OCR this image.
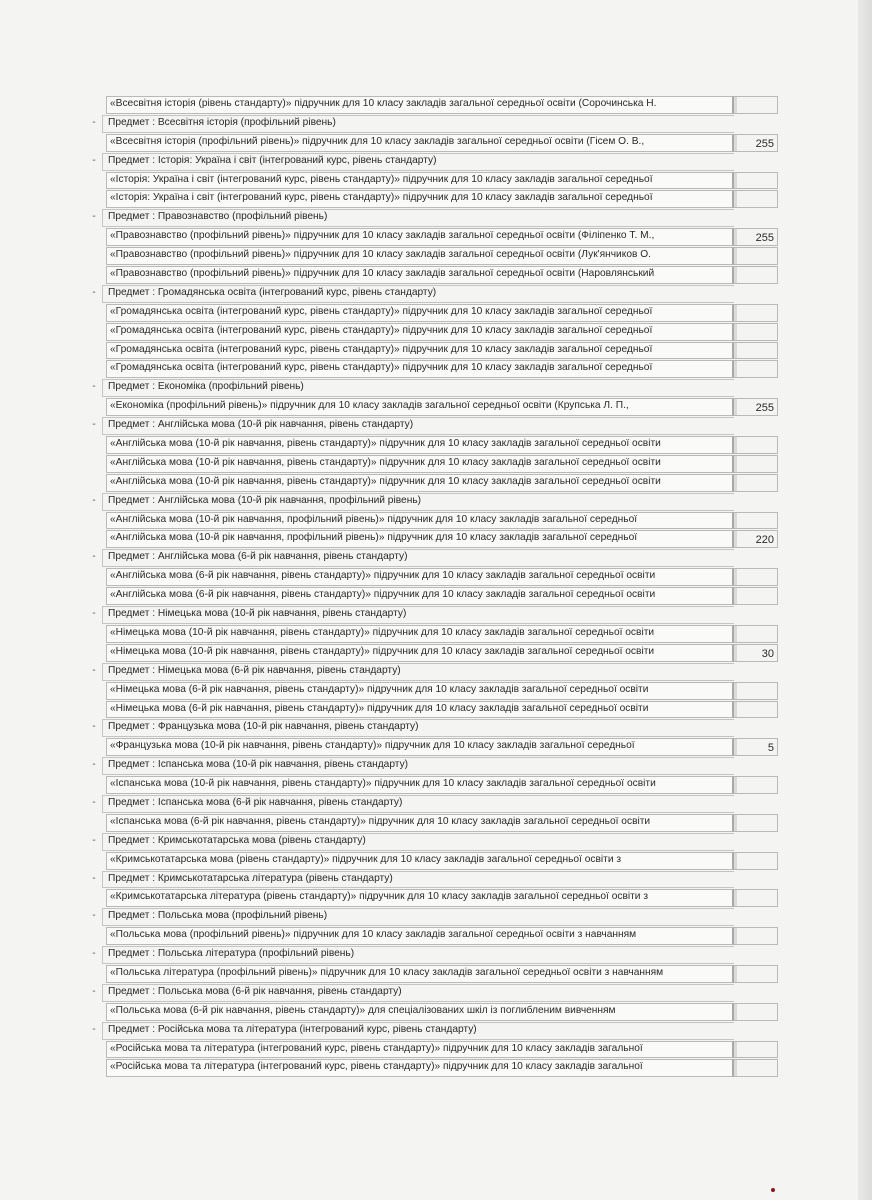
«Всесвітня історія (рівень стандарту)» підручник для 10 класу закладів загальної середньої освіти (Сорочинська Н.
- Предмет : Всесвітня історія (профільний рівень)
«Всесвітня історія (профільний рівень)» підручник для 10 класу закладів загальної середньої освіти (Гісем О. В.,	255
- Предмет : Історія: Україна і світ (інтегрований курс, рівень стандарту)
«Історія: Україна і світ (інтегрований курс, рівень стандарту)» підручник для 10 класу закладів загальної середньої
«Історія: Україна і світ (інтегрований курс, рівень стандарту)» підручник для 10 класу закладів загальної середньої
- Предмет : Правознавство (профільний рівень)
«Правознавство (профільний рівень)» підручник для 10 класу закладів загальної середньої освіти (Філіпенко Т. М.,	255
«Правознавство (профільний рівень)» підручник для 10 класу закладів загальної середньої освіти (Лук'янчиков О.
«Правознавство (профільний рівень)» підручник для 10 класу закладів загальної середньої освіти (Наровлянський
- Предмет : Громадянська освіта (інтегрований курс, рівень стандарту)
«Громадянська освіта (інтегрований курс, рівень стандарту)» підручник для 10 класу закладів загальної середньої
«Громадянська освіта (інтегрований курс, рівень стандарту)» підручник для 10 класу закладів загальної середньої
«Громадянська освіта (інтегрований курс, рівень стандарту)» підручник для 10 класу закладів загальної середньої
«Громадянська освіта (інтегрований курс, рівень стандарту)» підручник для 10 класу закладів загальної середньої
- Предмет : Економіка (профільний рівень)
«Економіка (профільний рівень)» підручник для 10 класу закладів загальної середньої освіти (Крупська Л. П.,	255
- Предмет : Англійська мова (10-й рік навчання, рівень стандарту)
«Англійська мова (10-й рік навчання, рівень стандарту)» підручник для 10 класу закладів загальної середньої освіти
«Англійська мова (10-й рік навчання, рівень стандарту)» підручник для 10 класу закладів загальної середньої освіти
«Англійська мова (10-й рік навчання, рівень стандарту)» підручник для 10 класу закладів загальної середньої освіти
- Предмет : Англійська мова (10-й рік навчання, профільний рівень)
«Англійська мова (10-й рік навчання, профільний рівень)» підручник для 10 класу закладів загальної середньої
«Англійська мова (10-й рік навчання, профільний рівень)» підручник для 10 класу закладів загальної середньої	220
- Предмет : Англійська мова (6-й рік навчання, рівень стандарту)
«Англійська мова (6-й рік навчання, рівень стандарту)» підручник для 10 класу закладів загальної середньої освіти
«Англійська мова (6-й рік навчання, рівень стандарту)» підручник для 10 класу закладів загальної середньої освіти
- Предмет : Німецька мова (10-й рік навчання, рівень стандарту)
«Німецька мова (10-й рік навчання, рівень стандарту)» підручник для 10 класу закладів загальної середньої освіти
«Німецька мова (10-й рік навчання, рівень стандарту)» підручник для 10 класу закладів загальної середньої освіти	30
- Предмет : Німецька мова (6-й рік навчання, рівень стандарту)
«Німецька мова (6-й рік навчання, рівень стандарту)» підручник для 10 класу закладів загальної середньої освіти
«Німецька мова (6-й рік навчання, рівень стандарту)» підручник для 10 класу закладів загальної середньої освіти
- Предмет : Французька мова (10-й рік навчання, рівень стандарту)
«Французька мова (10-й рік навчання, рівень стандарту)» підручник для 10 класу закладів загальної середньої	5
- Предмет : Іспанська мова (10-й рік навчання, рівень стандарту)
«Іспанська мова (10-й рік навчання, рівень стандарту)» підручник для 10 класу закладів загальної середньої освіти
- Предмет : Іспанська мова (6-й рік навчання, рівень стандарту)
«Іспанська мова (6-й рік навчання, рівень стандарту)» підручник для 10 класу закладів загальної середньої освіти
- Предмет : Кримськотатарська мова (рівень стандарту)
«Кримськотатарська мова (рівень стандарту)» підручник для 10 класу закладів загальної середньої освіти з
- Предмет : Кримськотатарська література (рівень стандарту)
«Кримськотатарська література (рівень стандарту)» підручник для 10 класу закладів загальної середньої освіти з
- Предмет : Польська мова (профільний рівень)
«Польська мова (профільний рівень)» підручник для 10 класу закладів загальної середньої освіти з навчанням
- Предмет : Польська література (профільний рівень)
«Польська література (профільний рівень)» підручник для 10 класу закладів загальної середньої освіти з навчанням
- Предмет : Польська мова (6-й рік навчання, рівень стандарту)
«Польська мова (6-й рік навчання, рівень стандарту)» для спеціалізованих шкіл із поглибленим вивченням
- Предмет : Російська мова та література (інтегрований курс, рівень стандарту)
«Російська мова та література (інтегрований курс, рівень стандарту)» підручник для 10 класу закладів загальної
«Російська мова та література (інтегрований курс, рівень стандарту)» підручник для 10 класу закладів загальної
